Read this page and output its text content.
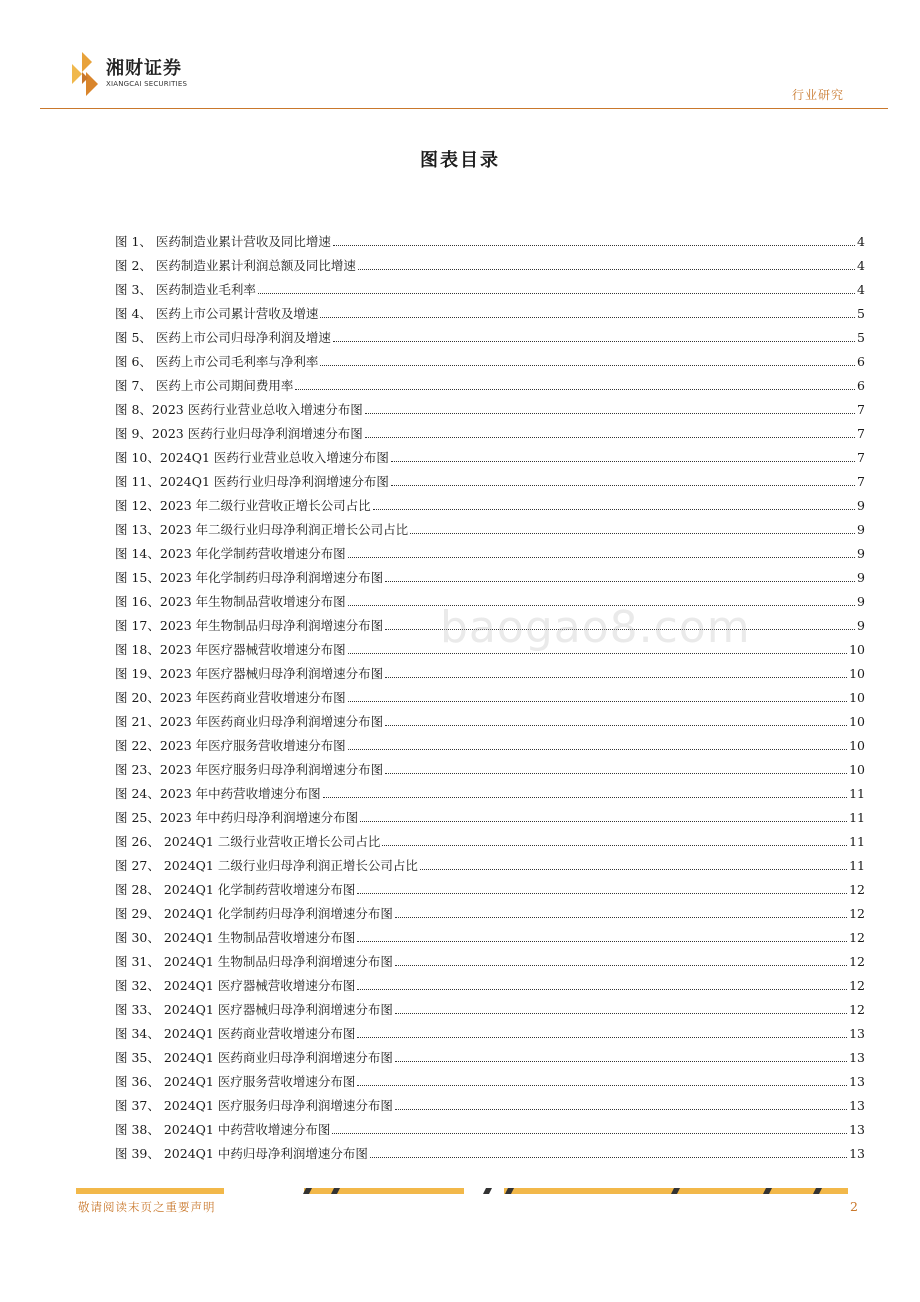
湘财证券
XIANGCAI SECURITIES
行业研究
图表目录
图 1、 医药制造业累计营收及同比增速	4
图 2、 医药制造业累计利润总额及同比增速	4
图 3、 医药制造业毛利率	4
图 4、 医药上市公司累计营收及增速	5
图 5、 医药上市公司归母净利润及增速	5
图 6、 医药上市公司毛利率与净利率	6
图 7、 医药上市公司期间费用率	6
图 8、2023 医药行业营业总收入增速分布图	7
图 9、2023 医药行业归母净利润增速分布图	7
图 10、2024Q1 医药行业营业总收入增速分布图	7
图 11、2024Q1 医药行业归母净利润增速分布图	7
图 12、2023 年二级行业营收正增长公司占比	9
图 13、2023 年二级行业归母净利润正增长公司占比	9
图 14、2023 年化学制药营收增速分布图	9
图 15、2023 年化学制药归母净利润增速分布图	9
图 16、2023 年生物制品营收增速分布图	9
图 17、2023 年生物制品归母净利润增速分布图	9
图 18、2023 年医疗器械营收增速分布图	10
图 19、2023 年医疗器械归母净利润增速分布图	10
图 20、2023 年医药商业营收增速分布图	10
图 21、2023 年医药商业归母净利润增速分布图	10
图 22、2023 年医疗服务营收增速分布图	10
图 23、2023 年医疗服务归母净利润增速分布图	10
图 24、2023 年中药营收增速分布图	11
图 25、2023 年中药归母净利润增速分布图	11
图 26、 2024Q1 二级行业营收正增长公司占比	11
图 27、 2024Q1 二级行业归母净利润正增长公司占比	11
图 28、 2024Q1 化学制药营收增速分布图	12
图 29、 2024Q1 化学制药归母净利润增速分布图	12
图 30、 2024Q1 生物制品营收增速分布图	12
图 31、 2024Q1 生物制品归母净利润增速分布图	12
图 32、 2024Q1 医疗器械营收增速分布图	12
图 33、 2024Q1 医疗器械归母净利润增速分布图	12
图 34、 2024Q1 医药商业营收增速分布图	13
图 35、 2024Q1 医药商业归母净利润增速分布图	13
图 36、 2024Q1 医疗服务营收增速分布图	13
图 37、 2024Q1 医疗服务归母净利润增速分布图	13
图 38、 2024Q1 中药营收增速分布图	13
图 39、 2024Q1 中药归母净利润增速分布图	13
baogao8.com
敬请阅读末页之重要声明	2
